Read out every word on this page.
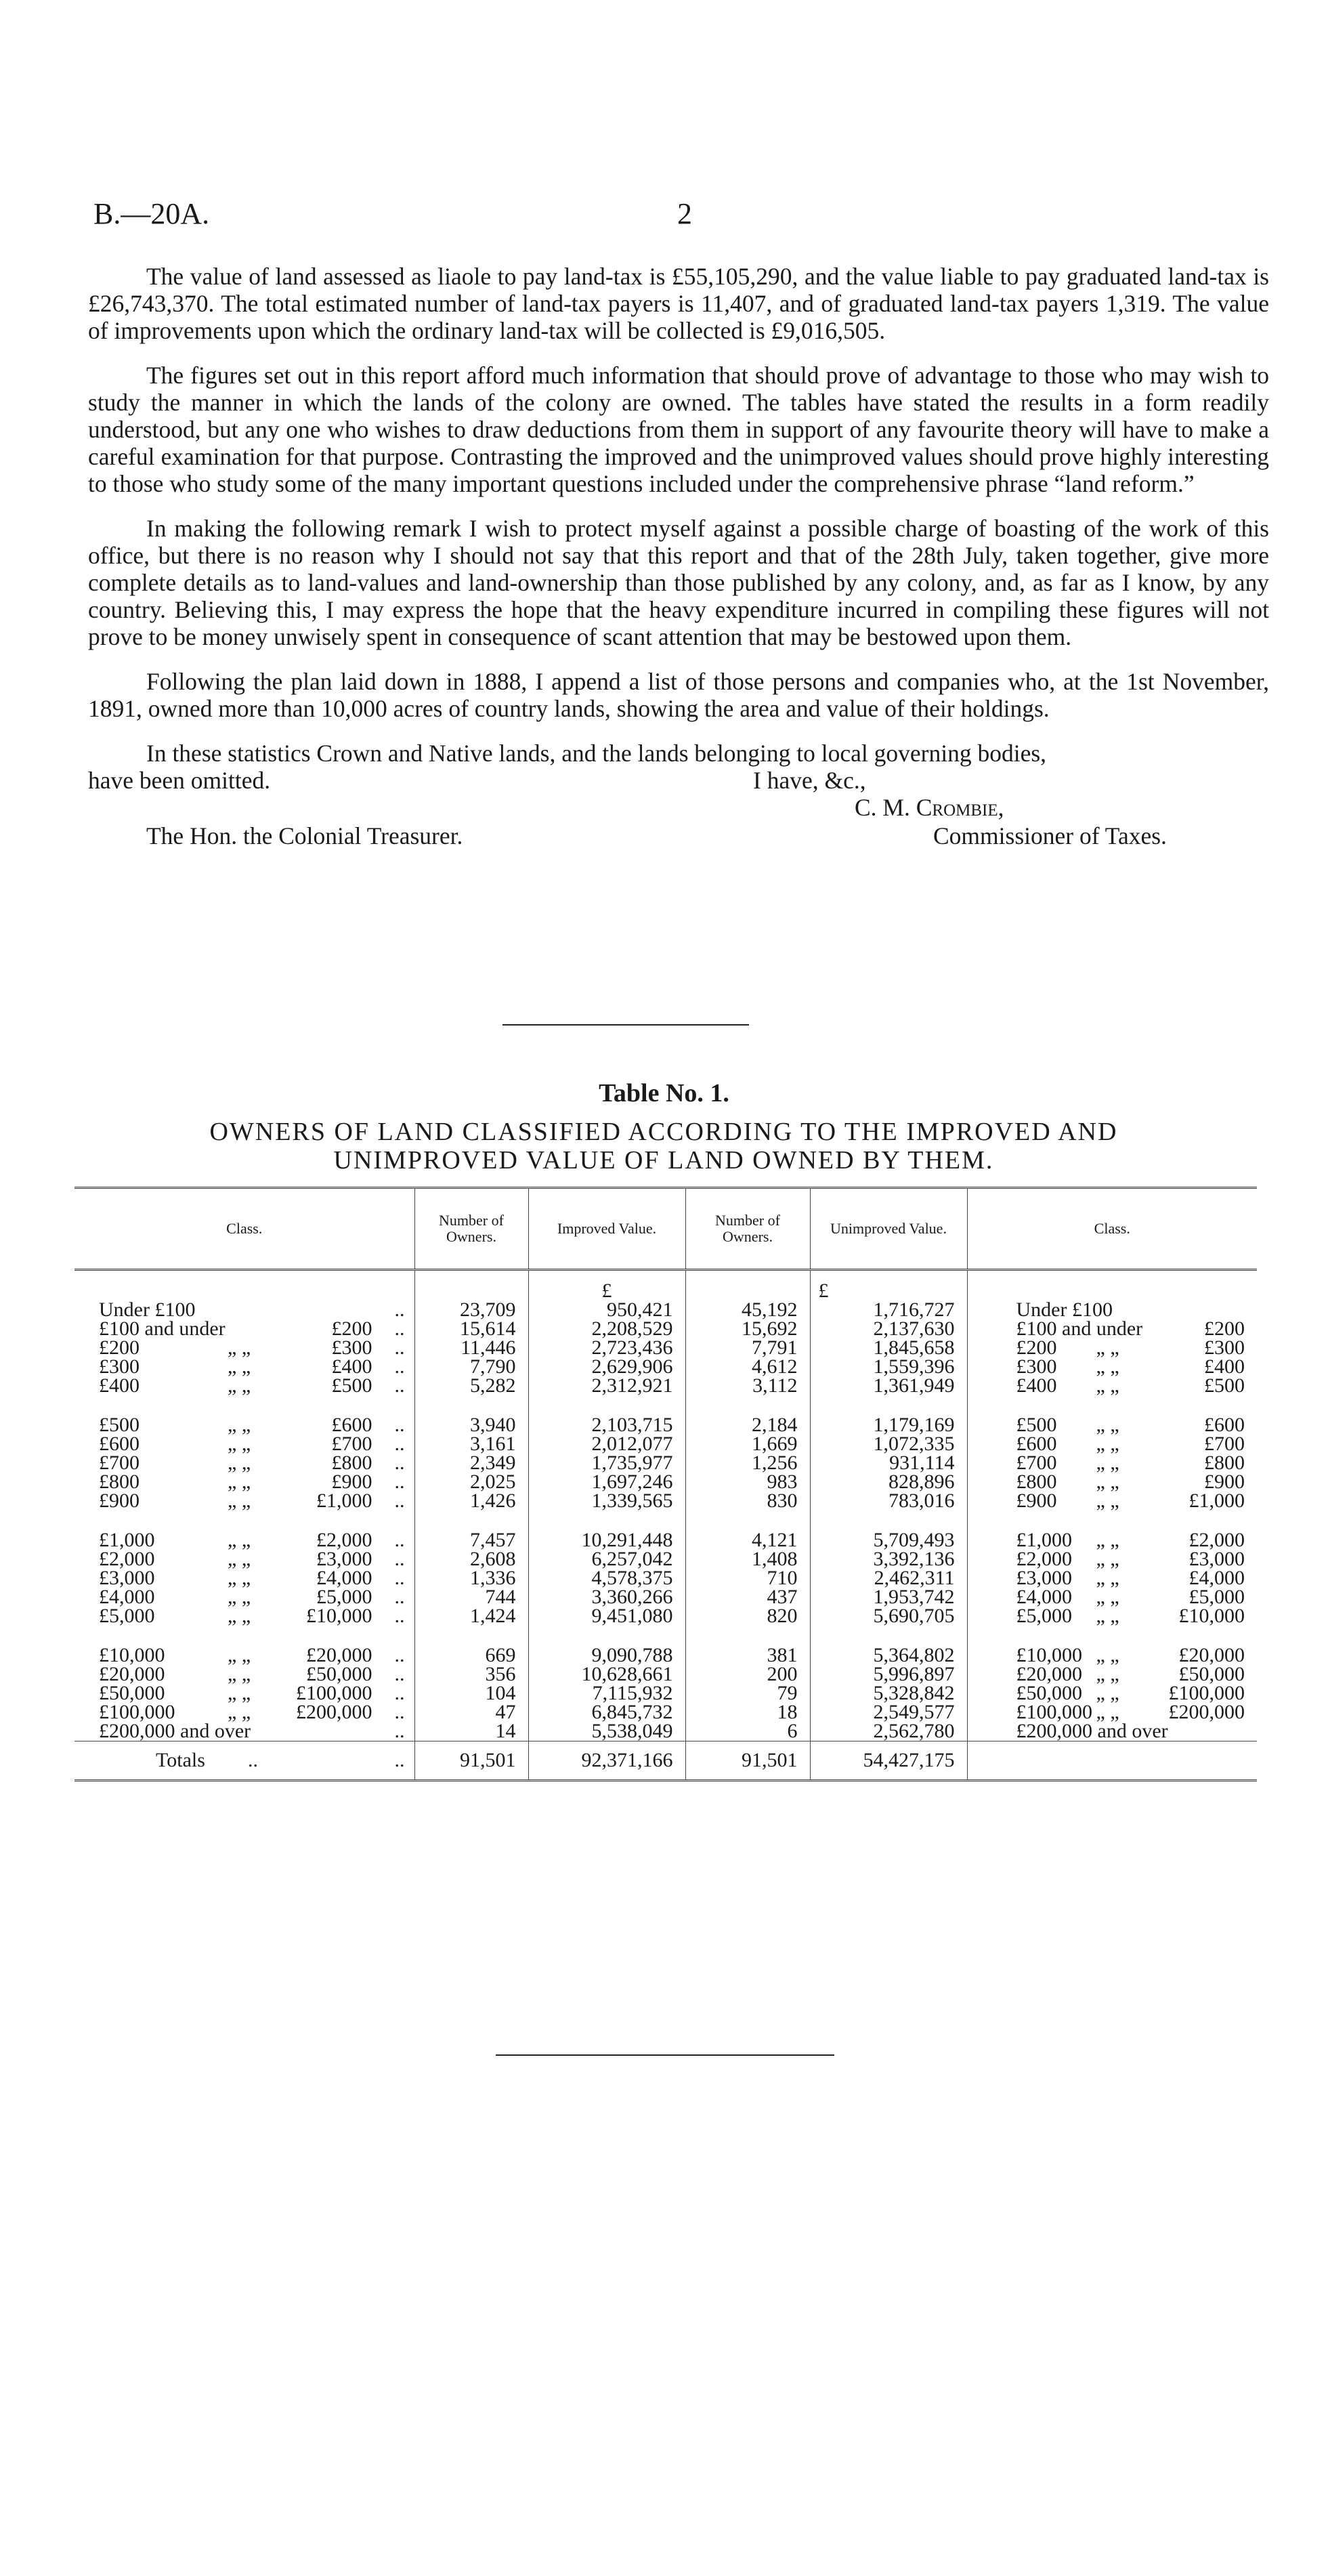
B.—20A.	2

The value of land assessed as liaole to pay land-tax is £55,105,290, and the value liable to pay graduated land-tax is £26,743,370. The total estimated number of land-tax payers is 11,407, and of graduated land-tax payers 1,319. The value of improvements upon which the ordinary land-tax will be collected is £9,016,505.

The figures set out in this report afford much information that should prove of advantage to those who may wish to study the manner in which the lands of the colony are owned. The tables have stated the results in a form readily understood, but any one who wishes to draw deductions from them in support of any favourite theory will have to make a careful examination for that purpose. Contrasting the improved and the unimproved values should prove highly interesting to those who study some of the many important questions included under the comprehensive phrase “land reform.”

In making the following remark I wish to protect myself against a possible charge of boasting of the work of this office, but there is no reason why I should not say that this report and that of the 28th July, taken together, give more complete details as to land-values and land-ownership than those published by any colony, and, as far as I know, by any country. Believing this, I may express the hope that the heavy expenditure incurred in compiling these figures will not prove to be money unwisely spent in consequence of scant attention that may be bestowed upon them.

Following the plan laid down in 1888, I append a list of those persons and companies who, at the 1st November, 1891, owned more than 10,000 acres of country lands, showing the area and value of their holdings.

In these statistics Crown and Native lands, and the lands belonging to local governing bodies,

have been omitted.	I have, &c.,
C. M. Crombie,
The Hon. the Colonial Treasurer.	Commissioner of Taxes.
Table No. 1.
OWNERS OF LAND CLASSIFIED ACCORDING TO THE IMPROVED AND UNIMPROVED VALUE OF LAND OWNED BY THEM.
Class.	Number of Owners.	Improved Value.	Number of Owners.	Unimproved Value.	Class.
		£		£	

Under £100 ..	23,709	950,421	45,192	1,716,727	Under £100

£100 and under £200 ..	15,614	2,208,529	15,692	2,137,630	£100 and under £200

£200 „ „ £300 ..	11,446	2,723,436	7,791	1,845,658	£200 „ „ £300

£300 „ „ £400 ..	7,790	2,629,906	4,612	1,559,396	£300 „ „ £400

£400 „ „ £500 ..	5,282	2,312,921	3,112	1,361,949	£400 „ „ £500

£500 „ „ £600 ..	3,940	2,103,715	2,184	1,179,169	£500 „ „ £600

£600 „ „ £700 ..	3,161	2,012,077	1,669	1,072,335	£600 „ „ £700

£700 „ „ £800 ..	2,349	1,735,977	1,256	931,114	£700 „ „ £800

£800 „ „ £900 ..	2,025	1,697,246	983	828,896	£800 „ „ £900

£900 „ „ £1,000 ..	1,426	1,339,565	830	783,016	£900 „ „ £1,000

£1,000 „ „ £2,000 ..	7,457	10,291,448	4,121	5,709,493	£1,000 „ „ £2,000

£2,000 „ „ £3,000 ..	2,608	6,257,042	1,408	3,392,136	£2,000 „ „ £3,000

£3,000 „ „ £4,000 ..	1,336	4,578,375	710	2,462,311	£3,000 „ „ £4,000

£4,000 „ „ £5,000 ..	744	3,360,266	437	1,953,742	£4,000 „ „ £5,000

£5,000 „ „ £10,000 ..	1,424	9,451,080	820	5,690,705	£5,000 „ „ £10,000

£10,000 „ „ £20,000 ..	669	9,090,788	381	5,364,802	£10,000 „ „ £20,000

£20,000 „ „ £50,000 ..	356	10,628,661	200	5,996,897	£20,000 „ „ £50,000

£50,000 „ „ £100,000 ..	104	7,115,932	79	5,328,842	£50,000 „ „ £100,000

£100,000 „ „ £200,000 ..	47	6,845,732	18	2,549,577	£100,000 „ „ £200,000

£200,000 and over ..	14	5,538,049	6	2,562,780	£200,000 and over

Totals .. ..	91,501	92,371,166	91,501	54,427,175	
